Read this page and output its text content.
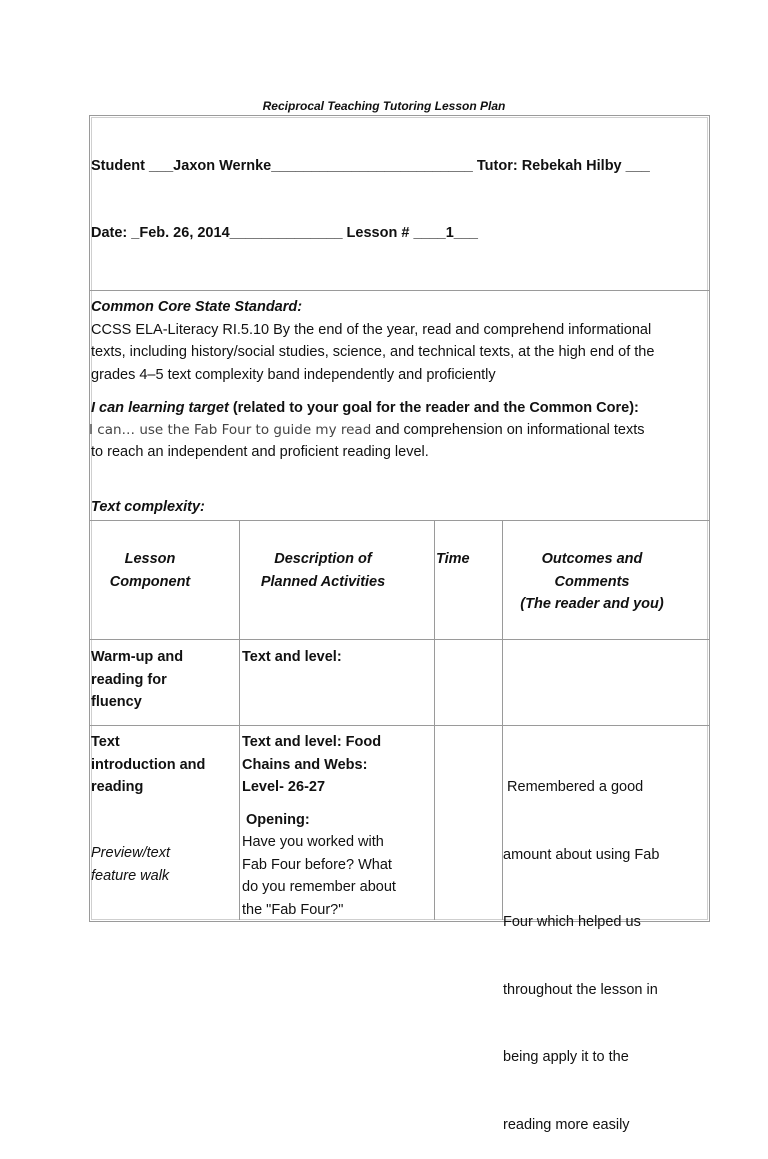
Reciprocal Teaching Tutoring Lesson Plan
Student ___Jaxon Wernke_________________________ Tutor: Rebekah Hilby ___
Date: _Feb. 26, 2014______________ Lesson # ____1___
Common Core State Standard:
CCSS ELA-Literacy RI.5.10 By the end of the year, read and comprehend informational
texts, including history/social studies, science, and technical texts, at the high end of the
grades 4–5 text complexity band independently and proficiently
I can learning target (related to your goal for the reader and the Common Core):
I can… use the Fab Four to guide my read and comprehension on informational texts
to reach an independent and proficient reading level.
Text complexity:
Lesson
Component
Description of
Planned Activities
Time	Outcomes and
Comments
(The reader and you)
Warm-up and
reading for
fluency
Text and level:
Text
introduction and
reading
Preview/text
feature walk
Text and level: Food
Chains and Webs:
Level- 26-27
Opening:
Have you worked with
Fab Four before? What
do you remember about
the "Fab Four?"

Remembered a good

amount about using Fab

Four which helped us

throughout the lesson in

being apply it to the

reading more easily
